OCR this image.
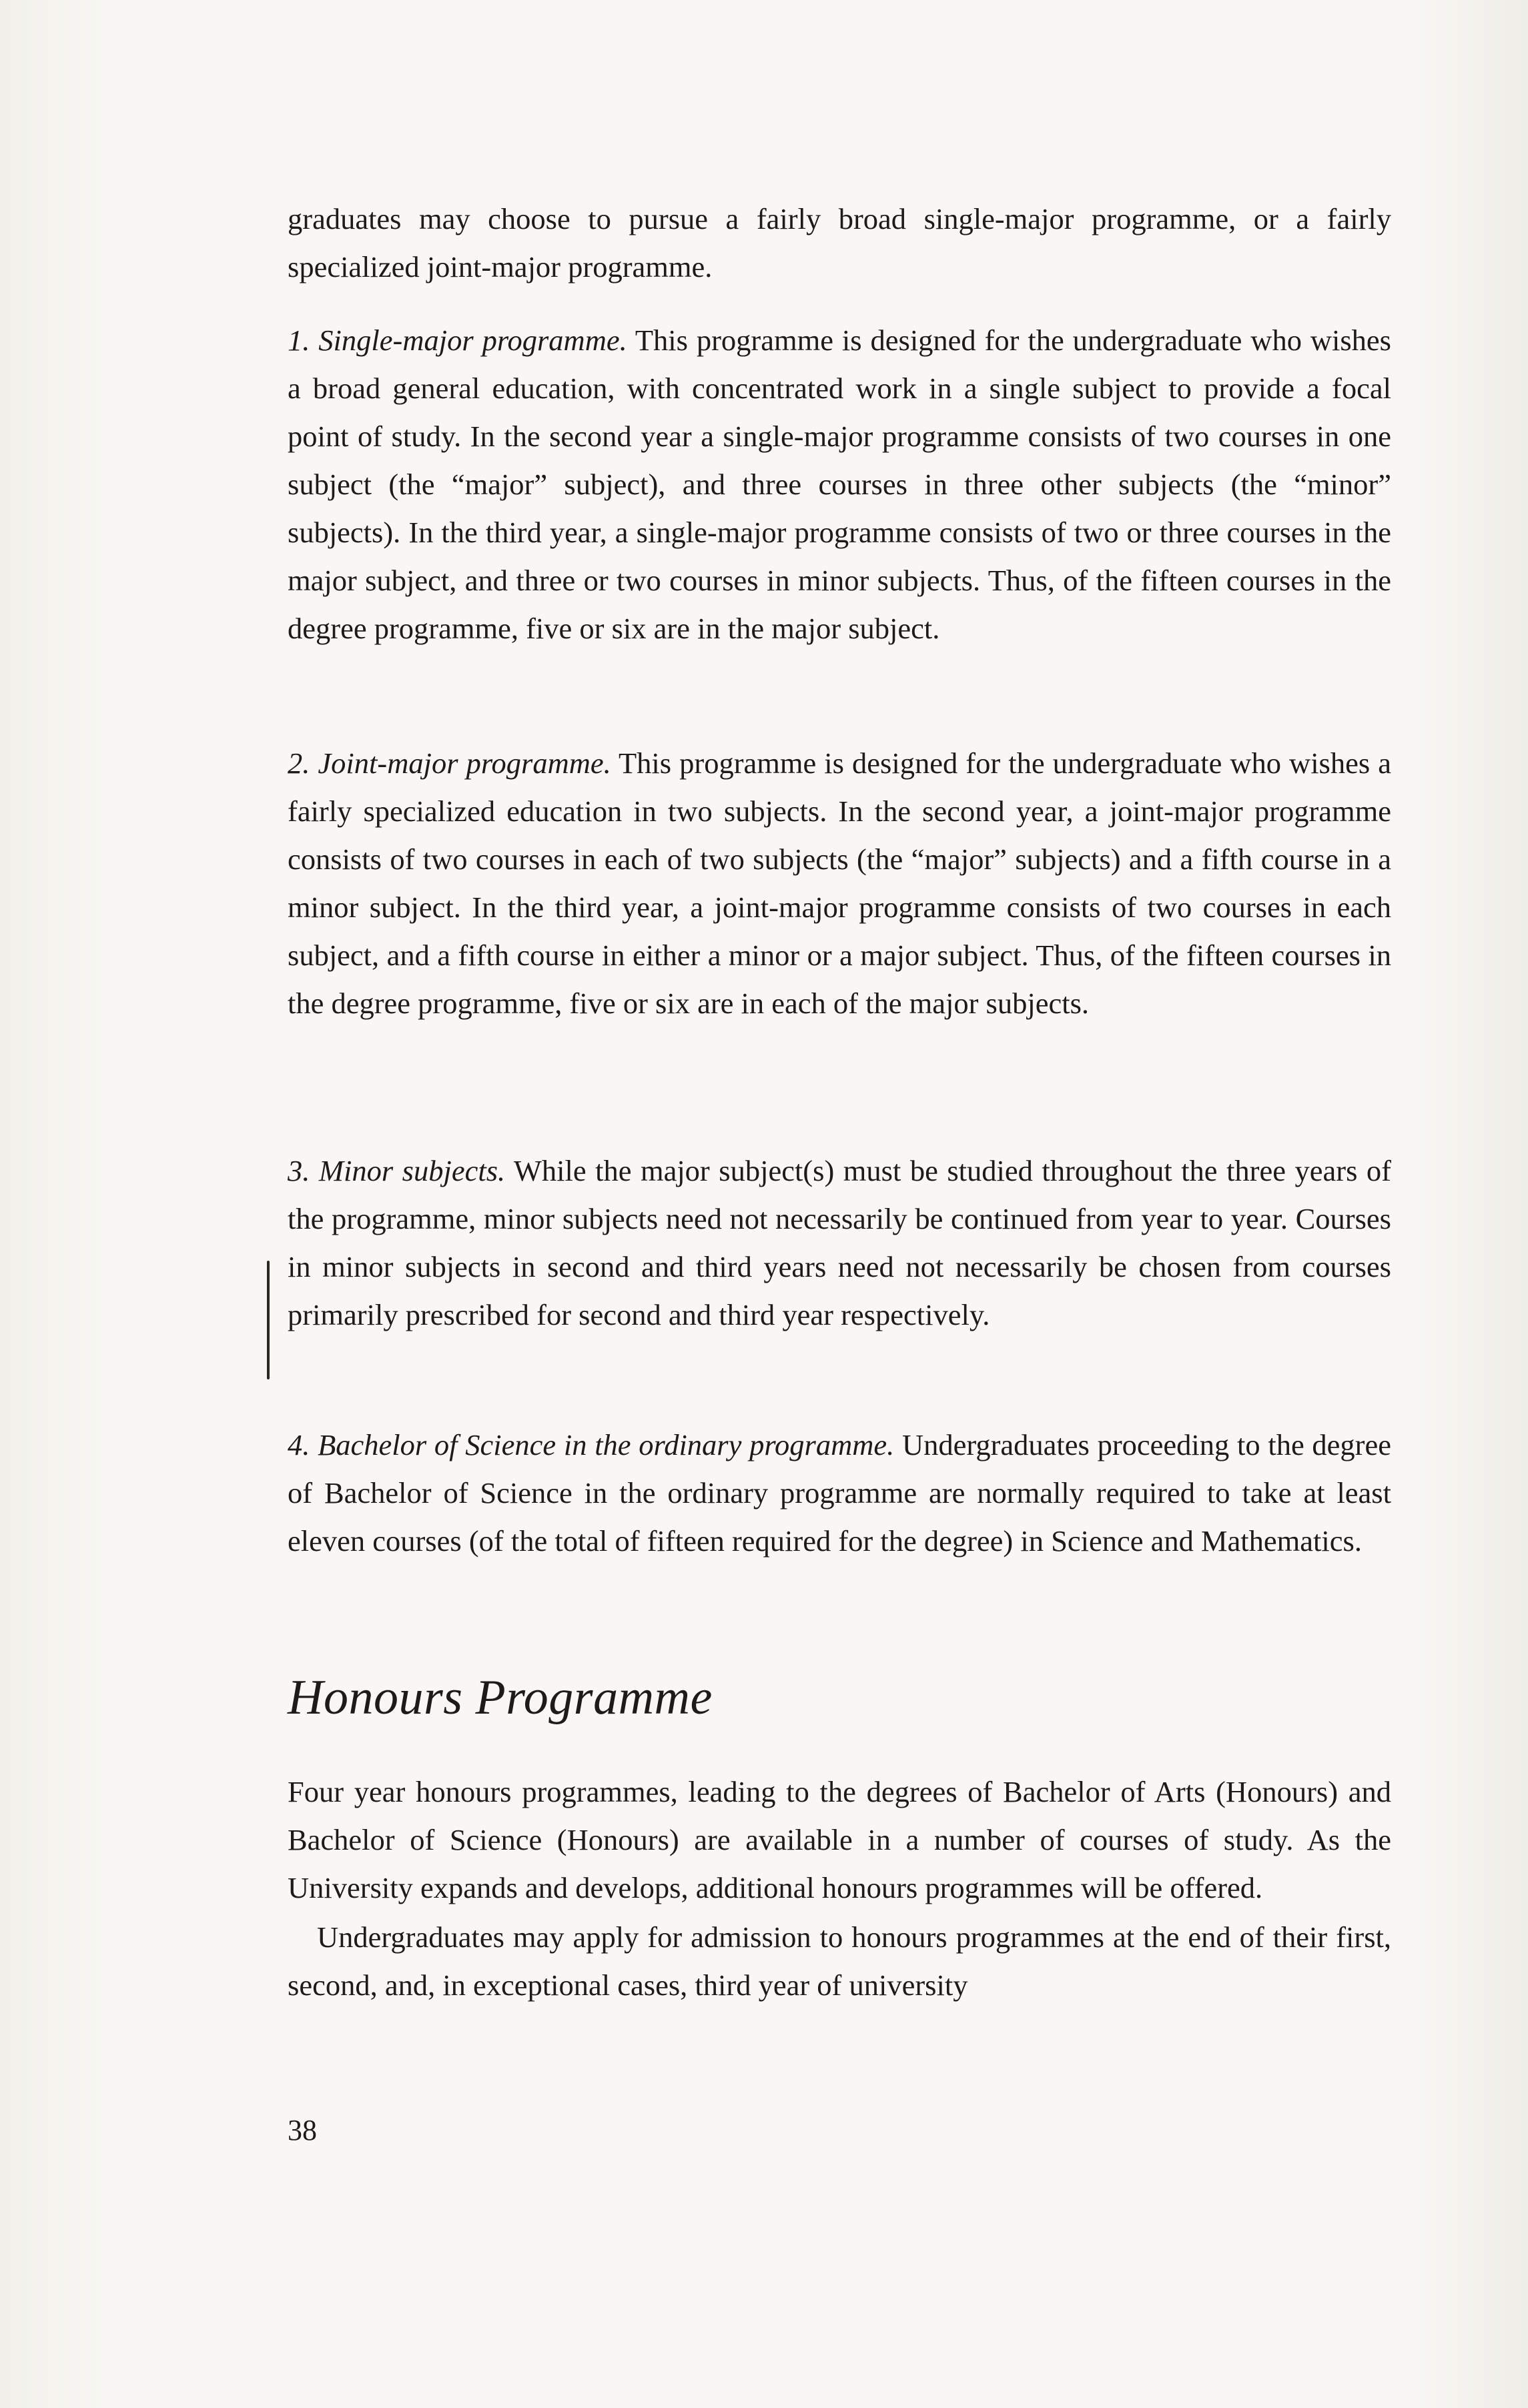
graduates may choose to pursue a fairly broad single-major programme, or a fairly specialized joint-major programme.

1. Single-major programme. This programme is designed for the undergraduate who wishes a broad general education, with concentrated work in a single subject to provide a focal point of study. In the second year a single-major programme consists of two courses in one subject (the “major” subject), and three courses in three other subjects (the “minor” subjects). In the third year, a single-major programme consists of two or three courses in the major subject, and three or two courses in minor subjects. Thus, of the fifteen courses in the degree programme, five or six are in the major subject.

2. Joint-major programme. This programme is designed for the undergraduate who wishes a fairly specialized education in two subjects. In the second year, a joint-major programme consists of two courses in each of two subjects (the “major” subjects) and a fifth course in a minor subject. In the third year, a joint-major programme consists of two courses in each subject, and a fifth course in either a minor or a major subject. Thus, of the fifteen courses in the degree programme, five or six are in each of the major subjects.

3. Minor subjects. While the major subject(s) must be studied throughout the three years of the programme, minor subjects need not necessarily be continued from year to year. Courses in minor subjects in second and third years need not necessarily be chosen from courses primarily prescribed for second and third year respectively.

4. Bachelor of Science in the ordinary programme. Undergraduates proceeding to the degree of Bachelor of Science in the ordinary programme are normally required to take at least eleven courses (of the total of fifteen required for the degree) in Science and Mathematics.

Honours Programme

Four year honours programmes, leading to the degrees of Bachelor of Arts (Honours) and Bachelor of Science (Honours) are available in a number of courses of study. As the University expands and develops, additional honours programmes will be offered.

Undergraduates may apply for admission to honours programmes at the end of their first, second, and, in exceptional cases, third year of university

38
